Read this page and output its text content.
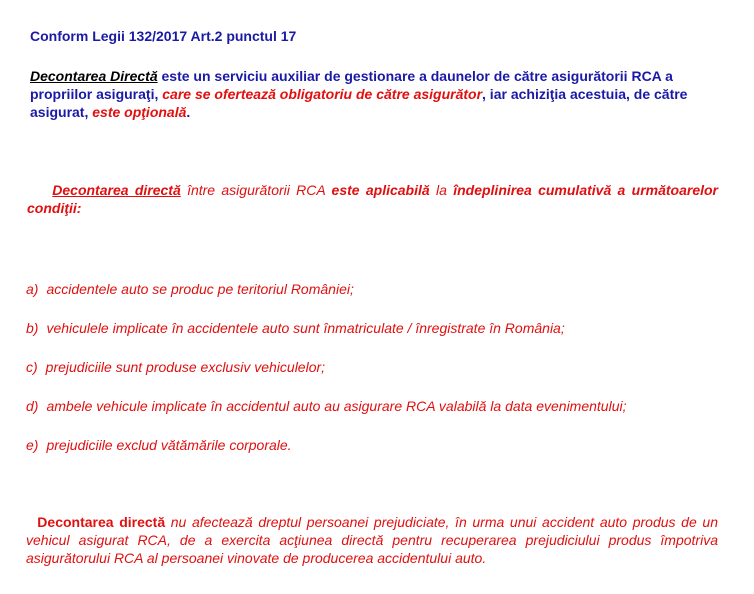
Conform Legii 132/2017 Art.2 punctul 17

Decontarea Directă este un serviciu auxiliar de gestionare a daunelor de către asigurătorii RCA a propriilor asiguraţi, care se ofertează obligatoriu de către asigurător, iar achiziţia acestuia, de către asigurat, este opţională.

Decontarea directă între asigurătorii RCA este aplicabilă la îndeplinirea cumulativă a următoarelor condiţii:

a) accidentele auto se produc pe teritoriul României;

b) vehiculele implicate în accidentele auto sunt înmatriculate / înregistrate în România;

c) prejudiciile sunt produse exclusiv vehiculelor;

d) ambele vehicule implicate în accidentul auto au asigurare RCA valabilă la data evenimentului;

e) prejudiciile exclud vătămările corporale.

Decontarea directă nu afectează dreptul persoanei prejudiciate, în urma unui accident auto produs de un vehicul asigurat RCA, de a exercita acţiunea directă pentru recuperarea prejudiciului produs împotriva asigurătorului RCA al persoanei vinovate de producerea accidentului auto.
